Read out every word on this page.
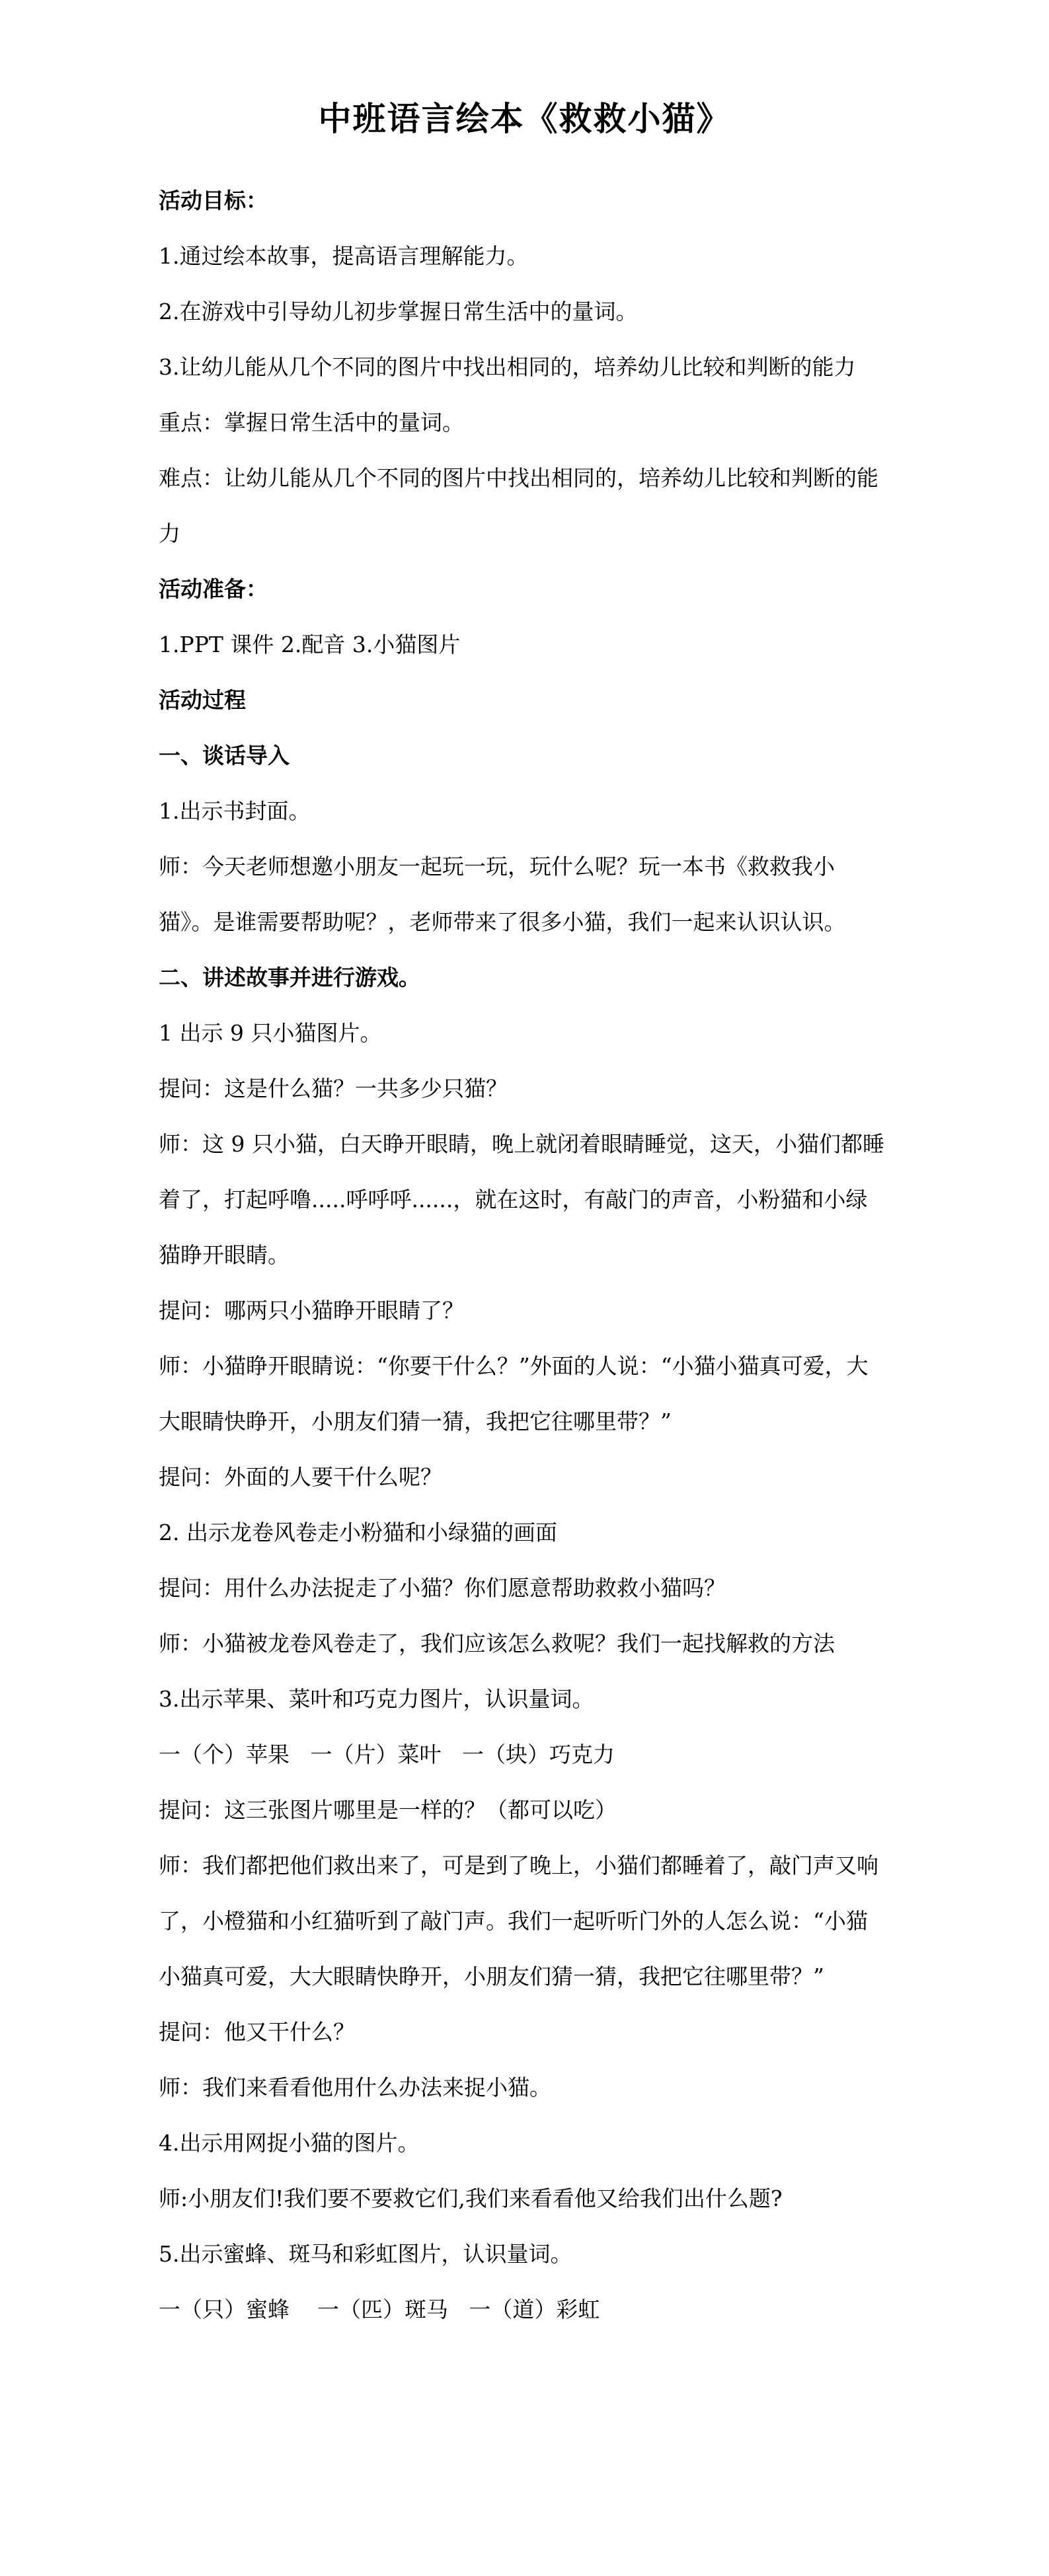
中班语言绘本《救救小猫》

活动目标：

1.通过绘本故事，提高语言理解能力。

2.在游戏中引导幼儿初步掌握日常生活中的量词。

3.让幼儿能从几个不同的图片中找出相同的，培养幼儿比较和判断的能力

重点：掌握日常生活中的量词。

难点：让幼儿能从几个不同的图片中找出相同的，培养幼儿比较和判断的能力

活动准备：

1.PPT 课件 2.配音 3.小猫图片

活动过程

一、谈话导入

1.出示书封面。

师：今天老师想邀小朋友一起玩一玩，玩什么呢？玩一本书《救救我小猫》。是谁需要帮助呢？，老师带来了很多小猫，我们一起来认识认识。

二、讲述故事并进行游戏。

1 出示 9 只小猫图片。

提问：这是什么猫？一共多少只猫？

师：这 9 只小猫，白天睁开眼睛，晚上就闭着眼睛睡觉，这天，小猫们都睡着了，打起呼噜.....呼呼呼......，就在这时，有敲门的声音，小粉猫和小绿猫睁开眼睛。

提问：哪两只小猫睁开眼睛了？

师：小猫睁开眼睛说：“你要干什么？”外面的人说：“小猫小猫真可爱，大大眼睛快睁开，小朋友们猜一猜，我把它往哪里带？”

提问：外面的人要干什么呢？

2. 出示龙卷风卷走小粉猫和小绿猫的画面

提问：用什么办法捉走了小猫？你们愿意帮助救救小猫吗？

师：小猫被龙卷风卷走了，我们应该怎么救呢？我们一起找解救的方法

3.出示苹果、菜叶和巧克力图片，认识量词。

一（个）苹果   一（片）菜叶   一（块）巧克力

提问：这三张图片哪里是一样的？（都可以吃）

师：我们都把他们救出来了，可是到了晚上，小猫们都睡着了，敲门声又响了，小橙猫和小红猫听到了敲门声。我们一起听听门外的人怎么说：“小猫小猫真可爱，大大眼睛快睁开，小朋友们猜一猜，我把它往哪里带？”

提问：他又干什么？

师：我们来看看他用什么办法来捉小猫。

4.出示用网捉小猫的图片。

师:小朋友们!我们要不要救它们,我们来看看他又给我们出什么题?

5.出示蜜蜂、斑马和彩虹图片，认识量词。

一（只）蜜蜂    一（匹）斑马   一（道）彩虹
